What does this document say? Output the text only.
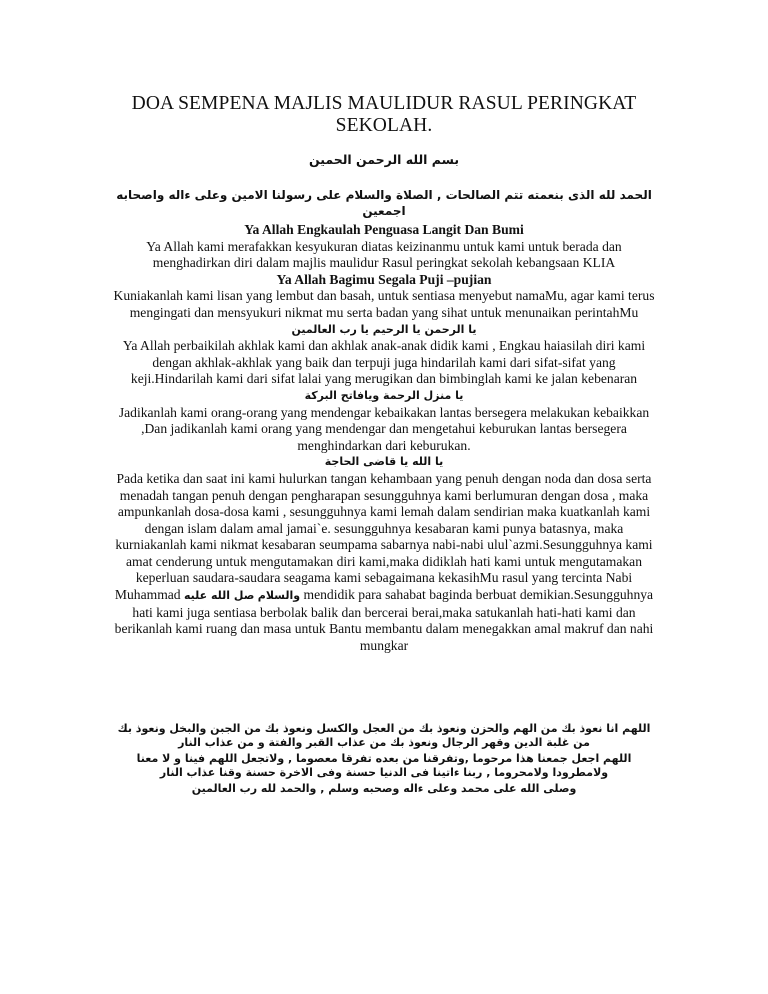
DOA SEMPENA MAJLIS MAULIDUR RASUL PERINGKAT SEKOLAH.
بسم الله الرحمن الحمين
الحمد لله الذى بنعمته تتم الصالحات , الصلاة والسلام على رسولنا الامين وعلى ءاله واصحابه اجمعين

Ya Allah Engkaulah Penguasa Langit Dan Bumi

Ya Allah kami merafakkan kesyukuran diatas keizinanmu untuk kami untuk berada dan menghadirkan diri dalam majlis maulidur Rasul peringkat sekolah kebangsaan KLIA

Ya Allah Bagimu Segala Puji –pujian

Kuniakanlah kami lisan yang lembut dan basah, untuk sentiasa menyebut namaMu, agar kami terus mengingati dan mensyukuri nikmat mu serta badan yang sihat untuk menunaikan perintahMu

يا الرحمن يا الرحيم يا رب العالمين

Ya Allah perbaikilah akhlak kami dan akhlak anak-anak didik kami , Engkau haiasilah diri kami dengan akhlak-akhlak yang baik dan terpuji juga hindarilah kami dari sifat-sifat yang keji.Hindarilah kami dari sifat lalai yang merugikan dan bimbinglah kami ke jalan kebenaran

يا منزل الرحمة ويافاتح البركة

Jadikanlah kami orang-orang yang mendengar kebaikakan lantas bersegera melakukan kebaikkan ,Dan jadikanlah kami orang yang mendengar dan mengetahui keburukan lantas bersegera menghindarkan dari keburukan.

يا الله يا قاضى الحاجة

Pada ketika dan saat ini kami hulurkan tangan kehambaan yang penuh dengan noda dan dosa serta menadah tangan penuh dengan pengharapan sesungguhnya kami berlumuran dengan dosa , maka ampunkanlah dosa-dosa kami , sesungguhnya kami lemah dalam sendirian maka kuatkanlah kami dengan islam dalam amal jamai`e. sesungguhnya kesabaran kami punya batasnya, maka kurniakanlah kami nikmat kesabaran seumpama sabarnya nabi-nabi ulul`azmi.Sesungguhnya kami amat cenderung untuk mengutamakan diri kami,maka didiklah hati kami untuk mengutamakan keperluan saudara-saudara seagama kami sebagaimana kekasihMu rasul yang tercinta Nabi Muhammad صل الله عليه والسلام mendidik para sahabat baginda berbuat demikian.Sesungguhnya hati kami juga sentiasa berbolak balik dan bercerai berai,maka satukanlah hati-hati kami dan berikanlah kami ruang dan masa untuk Bantu membantu dalam menegakkan amal makruf dan nahi mungkar

اللهم انا نعوذ بك من الهم والحزن ونعوذ بك من العجل والكسل ونعوذ بك من الجبن والبخل ونعوذ بك من غلبة الدين وقهر الرجال ونعوذ بك من عذاب القبر والفتة و من عذاب النار

اللهم اجعل جمعنا هذا مرحوما ,وتفرقنا من بعده تفرقا معصوما , ولاتجعل اللهم فينا و لا معنا ولامطرودا ولامحروما , ربنا ءاتينا فى الدنيا حسنة وفى الاخرة حسنة وقنا عذاب النار

وصلى الله على محمد وعلى ءاله وصحبه وسلم , والحمد لله رب العالمين
